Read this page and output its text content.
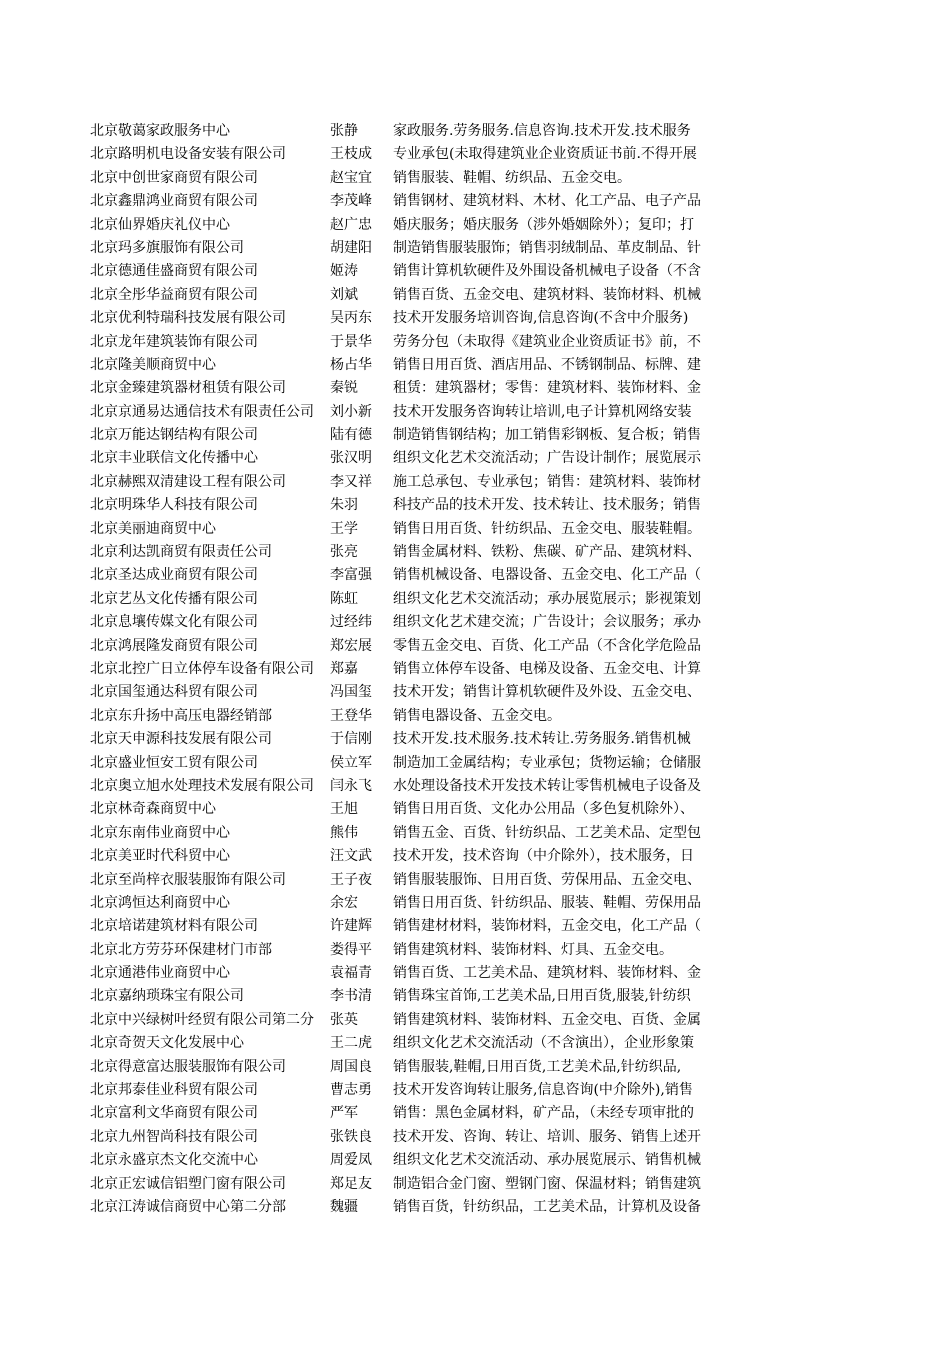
北京敬蔼家政服务中心	张静	家政服务.劳务服务.信息咨询.技术开发.技术服务
北京路明机电设备安装有限公司	王枝成 专业承包(未取得建筑业企业资质证书前.不得开展
北京中创世家商贸有限公司	赵宝宜 销售服装、鞋帽、纺织品、五金交电。
北京鑫鼎鸿业商贸有限公司	李茂峰 销售钢材、建筑材料、木材、化工产品、电子产品
北京仙界婚庆礼仪中心	赵广忠 婚庆服务；婚庆服务（涉外婚姻除外）；复印；打
北京玛多旗服饰有限公司	胡建阳 制造销售服装服饰；销售羽绒制品、革皮制品、针
北京德通佳盛商贸有限公司	姬涛	销售计算机软硬件及外围设备机械电子设备（不含
北京全彤华益商贸有限公司	刘斌	销售百货、五金交电、建筑材料、装饰材料、机械
北京优利特瑞科技发展有限公司	吴丙东 技术开发服务培训咨询,信息咨询(不含中介服务)
北京龙年建筑装饰有限公司	于景华 劳务分包（未取得《建筑业企业资质证书》前，不
北京隆美顺商贸中心	杨占华 销售日用百货、酒店用品、不锈钢制品、标牌、建
北京金臻建筑器材租赁有限公司	秦锐	租赁：建筑器材；零售：建筑材料、装饰材料、金
北京京通易达通信技术有限责任公司 刘小新 技术开发服务咨询转让培训,电子计算机网络安装
北京万能达钢结构有限公司	陆有德 制造销售钢结构；加工销售彩钢板、复合板；销售
北京丰业联信文化传播中心	张汉明 组织文化艺术交流活动；广告设计制作；展览展示
北京赫熙双清建设工程有限公司	李又祥 施工总承包、专业承包；销售：建筑材料、装饰材
北京明珠华人科技有限公司	朱羽	科技产品的技术开发、技术转让、技术服务；销售
北京美丽迪商贸中心	王学	销售日用百货、针纺织品、五金交电、服装鞋帽。
北京利达凯商贸有限责任公司	张亮	销售金属材料、铁粉、焦碳、矿产品、建筑材料、
北京圣达成业商贸有限公司	李富强 销售机械设备、电器设备、五金交电、化工产品（
北京艺丛文化传播有限公司	陈虹	组织文化艺术交流活动；承办展览展示；影视策划
北京息壤传媒文化有限公司	过经纬 组织文化艺术建交流；广告设计；会议服务；承办
北京鸿展隆发商贸有限公司	郑宏展 零售五金交电、百货、化工产品（不含化学危险品
北京北控广日立体停车设备有限公司 郑嘉	销售立体停车设备、电梯及设备、五金交电、计算
北京国玺通达科贸有限公司	冯国玺 技术开发；销售计算机软硬件及外设、五金交电、
北京东升扬中高压电器经销部	王登华 销售电器设备、五金交电。
北京天申源科技发展有限公司	于信刚 技术开发.技术服务.技术转让.劳务服务.销售机械
北京盛业恒安工贸有限公司	侯立军 制造加工金属结构；专业承包；货物运输；仓储服
北京奥立旭水处理技术发展有限公司 闫永飞 水处理设备技术开发技术转让零售机械电子设备及
北京林奇森商贸中心	王旭	销售日用百货、文化办公用品（多色复机除外）、
北京东南伟业商贸中心	熊伟	销售五金、百货、针纺织品、工艺美术品、定型包
北京美亚时代科贸中心	汪文武 技术开发，技术咨询（中介除外），技术服务，日
北京至尚梓衣服装服饰有限公司	王子夜 销售服装服饰、日用百货、劳保用品、五金交电、
北京鸿恒达利商贸中心	余宏	销售日用百货、针纺织品、服装、鞋帽、劳保用品
北京培诺建筑材料有限公司	许建辉 销售建材材料，装饰材料，五金交电，化工产品（
北京北方劳芬环保建材门市部	娄得平 销售建筑材料、装饰材料、灯具、五金交电。
北京通港伟业商贸中心	袁福青 销售百货、工艺美术品、建筑材料、装饰材料、金
北京嘉纳琐珠宝有限公司	李书清 销售珠宝首饰,工艺美术品,日用百货,服装,针纺织
北京中兴绿树叶经贸有限公司第二分 张英	销售建筑材料、装饰材料、五金交电、百货、金属
北京奇贺天文化发展中心	王二虎 组织文化艺术交流活动（不含演出），企业形象策
北京得意富达服装服饰有限公司	周国良 销售服装,鞋帽,日用百货,工艺美术品,针纺织品,
北京邦泰佳业科贸有限公司	曹志勇 技术开发咨询转让服务,信息咨询(中介除外),销售
北京富利文华商贸有限公司	严军	销售：黑色金属材料，矿产品，（未经专项审批的
北京九州智尚科技有限公司	张铁良 技术开发、咨询、转让、培训、服务、销售上述开
北京永盛京杰文化交流中心	周爱凤 组织文化艺术交流活动、承办展览展示、销售机械
北京正宏诚信铝塑门窗有限公司	郑足友 制造铝合金门窗、塑钢门窗、保温材料；销售建筑
北京江涛诚信商贸中心第二分部	魏疆	销售百货，针纺织品，工艺美术品，计算机及设备
